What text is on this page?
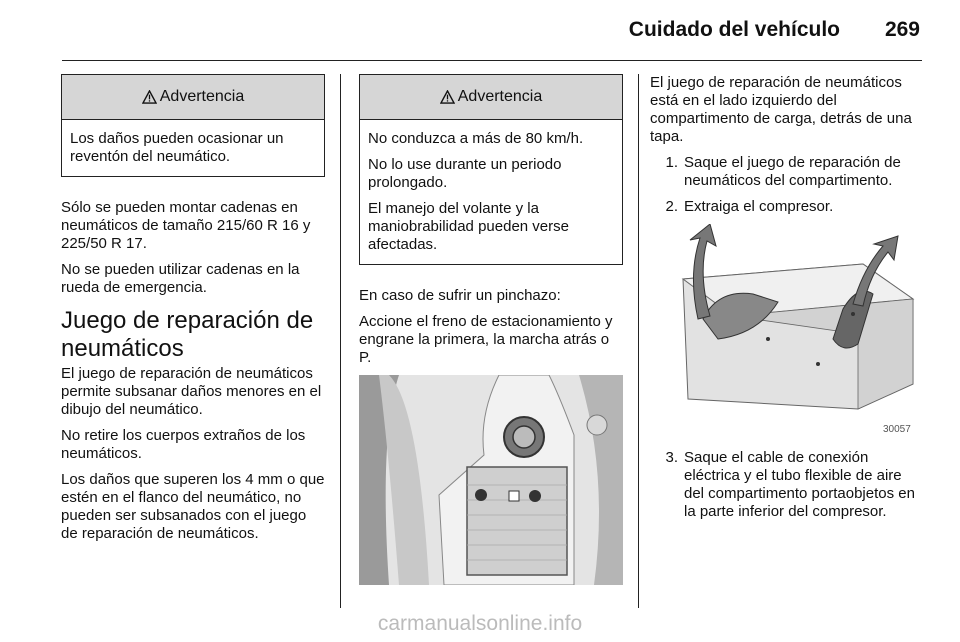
Cuidado del vehículo 269
Advertencia

Los daños pueden ocasionar un reventón del neumático.

Sólo se pueden montar cadenas en neumáticos de tamaño 215/60 R 16 y 225/50 R 17.

No se pueden utilizar cadenas en la rueda de emergencia.

Juego de reparación de neumáticos

El juego de reparación de neumáticos permite subsanar daños menores en el dibujo del neumático.

No retire los cuerpos extraños de los neumáticos.

Los daños que superen los 4 mm o que estén en el flanco del neumático, no pueden ser subsanados con el juego de reparación de neumáticos.

Advertencia

No conduzca a más de 80 km/h.

No lo use durante un periodo prolongado.

El manejo del volante y la maniobrabilidad pueden verse afectadas.

En caso de sufrir un pinchazo:

Accione el freno de estacionamiento y engrane la primera, la marcha atrás o P.

El juego de reparación de neumáticos está en el lado izquierdo del compartimento de carga, detrás de una tapa.

1. Saque el juego de reparación de neumáticos del compartimento.
2. Extraiga el compresor.
30057
3. Saque el cable de conexión eléctrica y el tubo flexible de aire del compartimento portaobjetos en la parte inferior del compresor.
carmanualsonline.info
